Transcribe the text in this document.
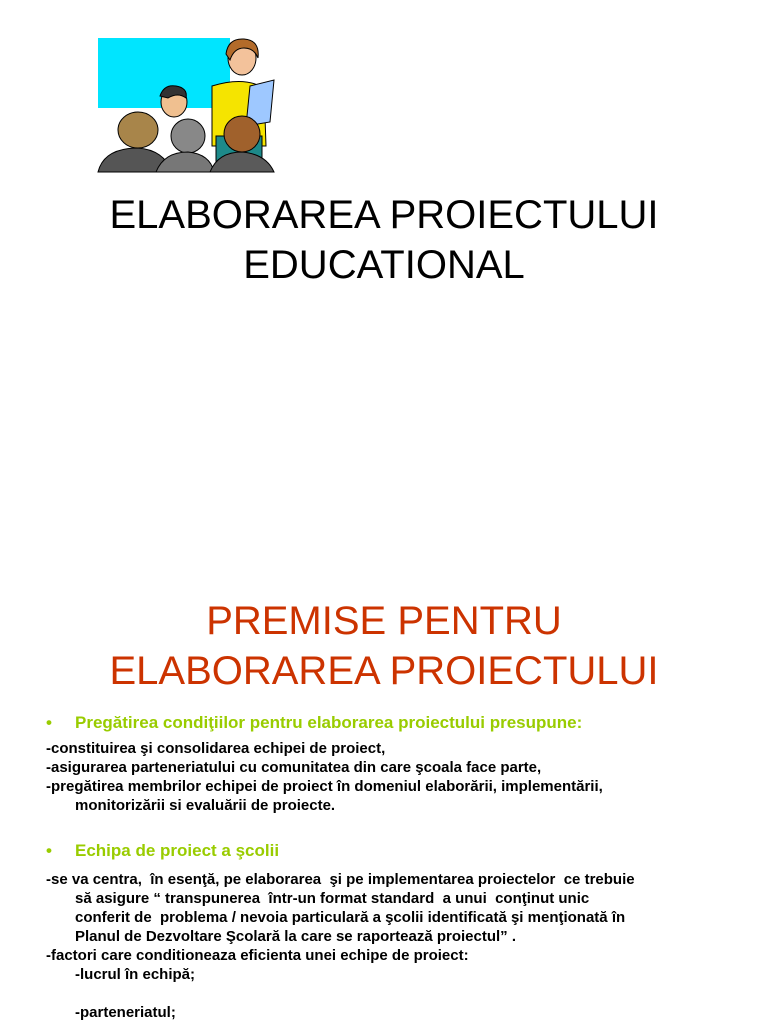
ELABORAREA PROIECTULUI
EDUCATIONAL
PREMISE PENTRU
ELABORAREA PROIECTULUI
• Pregătirea condiţiilor pentru elaborarea proiectului presupune:
-constituirea şi consolidarea echipei de proiect,
-asigurarea parteneriatului cu comunitatea din care şcoala face parte,
-pregătirea membrilor echipei de proiect în domeniul elaborării, implementării,
monitorizării si evaluării de proiecte.
• Echipa de proiect a şcolii
-se va centra,  în esenţă, pe elaborarea  şi pe implementarea proiectelor  ce trebuie
să asigure “ transpunerea  într-un format standard  a unui  conţinut unic
conferit de  problema / nevoia particulară a şcolii identificată şi menţionată în
Planul de Dezvoltare Şcolară la care se raportează proiectul” .
-factori care conditioneaza eficienta unei echipe de proiect:
-lucrul în echipă;
-parteneriatul;
